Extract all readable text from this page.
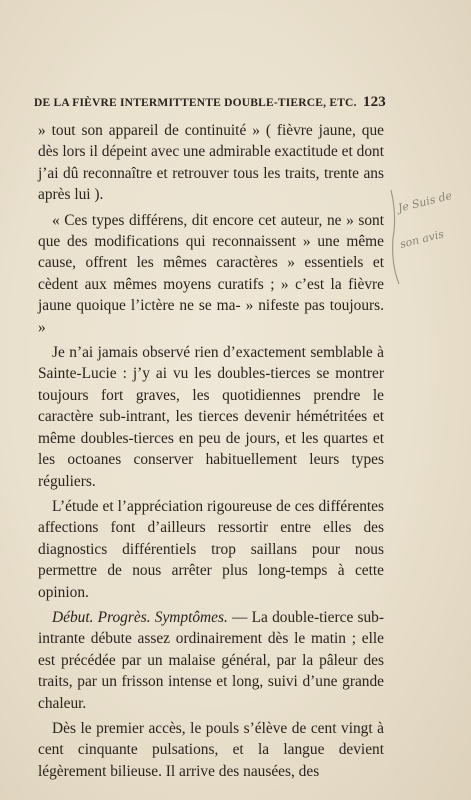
DE LA FIÈVRE INTERMITTENTE DOUBLE-TIERCE, ETC. 123

» tout son appareil de continuité » ( fièvre jaune, que dès lors il dépeint avec une admirable exactitude et dont j’ai dû reconnaître et retrouver tous les traits, trente ans après lui ).

« Ces types différens, dit encore cet auteur, ne » sont que des modifications qui reconnaissent » une même cause, offrent les mêmes caractères » essentiels et cèdent aux mêmes moyens curatifs ; » c’est la fièvre jaune quoique l’ictère ne se ma- » nifeste pas toujours. »

Je n’ai jamais observé rien d’exactement semblable à Sainte-Lucie : j’y ai vu les doubles-tierces se montrer toujours fort graves, les quotidiennes prendre le caractère sub-intrant, les tierces devenir hémétritées et même doubles-tierces en peu de jours, et les quartes et les octoanes conserver habituellement leurs types réguliers.

L’étude et l’appréciation rigoureuse de ces différentes affections font d’ailleurs ressortir entre elles des diagnostics différentiels trop saillans pour nous permettre de nous arrêter plus long-temps à cette opinion.

Début. Progrès. Symptômes. — La double-tierce sub-intrante débute assez ordinairement dès le matin ; elle est précédée par un malaise général, par la pâleur des traits, par un frisson intense et long, suivi d’une grande chaleur.

Dès le premier accès, le pouls s’élève de cent vingt à cent cinquante pulsations, et la langue devient légèrement bilieuse. Il arrive des nausées, des

Je Suis de
son avis
